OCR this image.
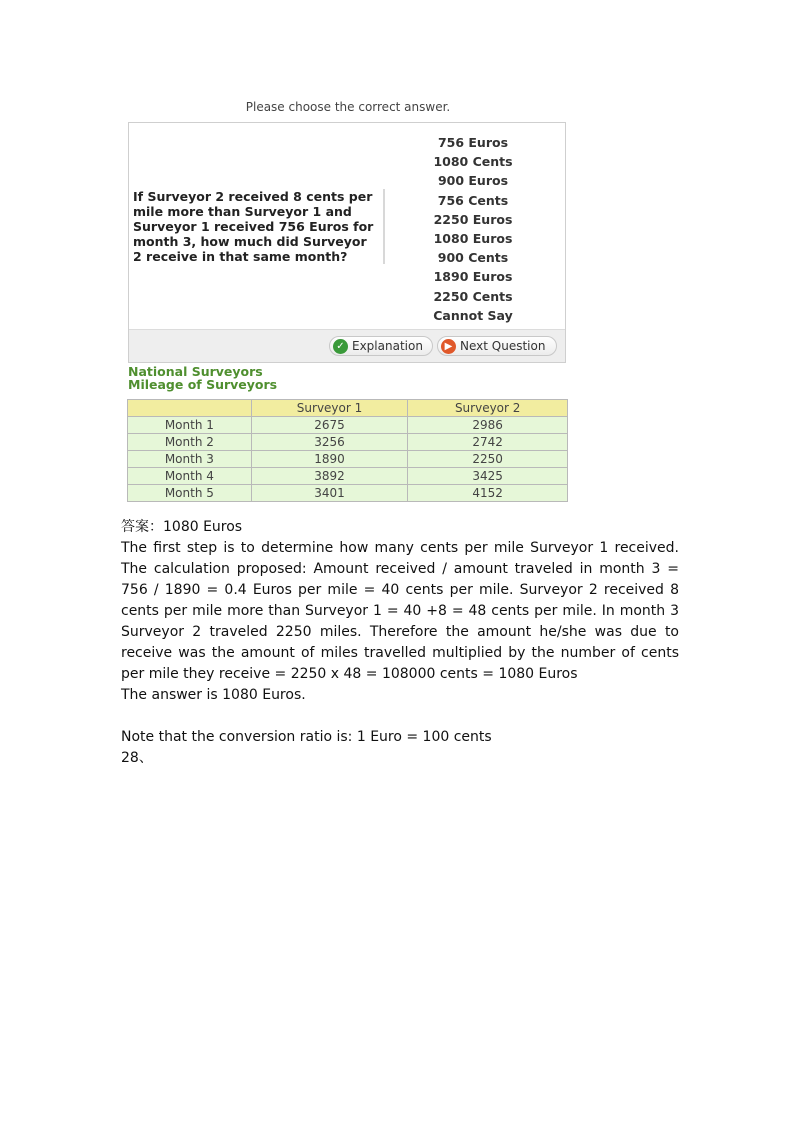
Please choose the correct answer.
If Surveyor 2 received 8 cents per mile more than Surveyor 1 and Surveyor 1 received 756 Euros for month 3, how much did Surveyor 2 receive in that same month?
756 Euros
1080 Cents
900 Euros
756 Cents
2250 Euros
1080 Euros
900 Cents
1890 Euros
2250 Cents
Cannot Say
✓ Explanation	▶ Next Question
National Surveyors
Mileage of Surveyors
	Surveyor 1	Surveyor 2
Month 1	2675	2986
Month 2	3256	2742
Month 3	1890	2250
Month 4	3892	3425
Month 5	3401	4152

答案：1080 Euros

The first step is to determine how many cents per mile Surveyor 1 received. The calculation proposed: Amount received / amount traveled in month 3 = 756 / 1890 = 0.4 Euros per mile = 40 cents per mile. Surveyor 2 received 8 cents per mile more than Surveyor 1 = 40 +8 = 48 cents per mile. In month 3 Surveyor 2 traveled 2250 miles. Therefore the amount he/she was due to receive was the amount of miles travelled multiplied by the number of cents per mile they receive = 2250 x 48 = 108000 cents = 1080 Euros

The answer is 1080 Euros.

Note that the conversion ratio is: 1 Euro = 100 cents

28、
